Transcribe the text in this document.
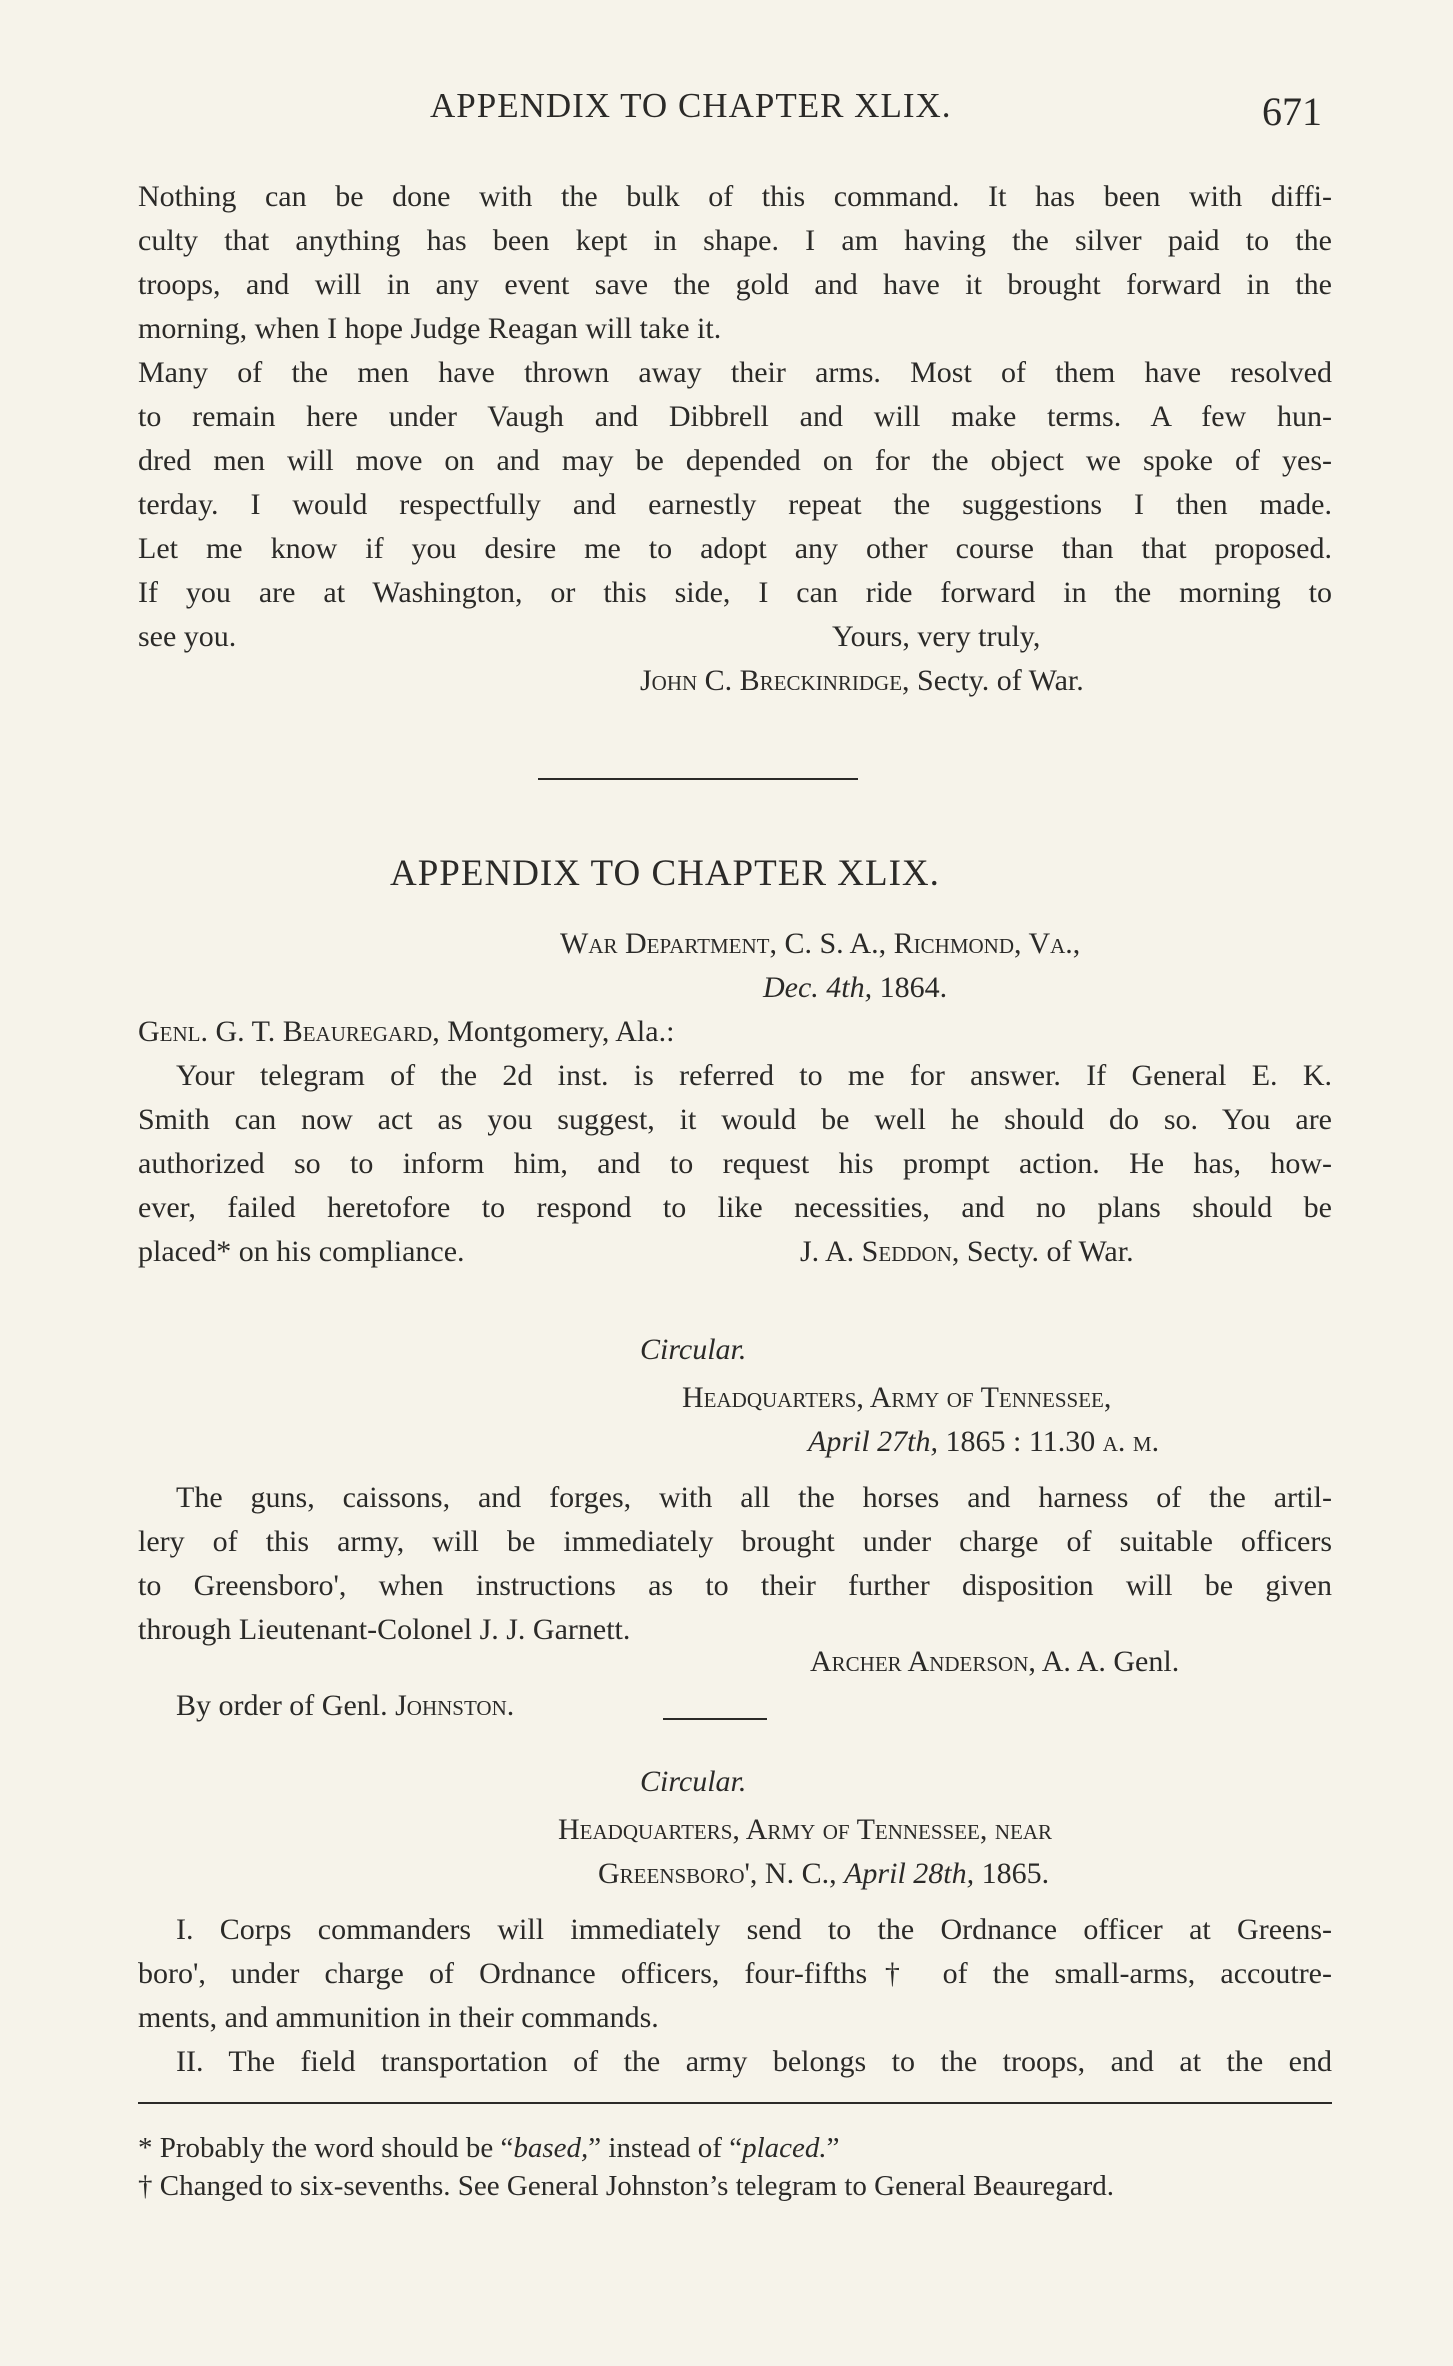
APPENDIX TO CHAPTER XLIX.	671
Nothing can be done with the bulk of this command. It has been with diffi-
culty that anything has been kept in shape. I am having the silver paid to the
troops, and will in any event save the gold and have it brought forward in the
morning, when I hope Judge Reagan will take it.
Many of the men have thrown away their arms. Most of them have resolved
to remain here under Vaugh and Dibbrell and will make terms. A few hun-
dred men will move on and may be depended on for the object we spoke of yes-
terday. I would respectfully and earnestly repeat the suggestions I then made.
Let me know if you desire me to adopt any other course than that proposed.
If you are at Washington, or this side, I can ride forward in the morning to
see you.	Yours, very truly,
John C. Breckinridge, Secty. of War.
APPENDIX TO CHAPTER XLIX.
War Department, C. S. A., Richmond, Va.,
Dec. 4th, 1864.
Genl. G. T. Beauregard, Montgomery, Ala.:
Your telegram of the 2d inst. is referred to me for answer. If General E. K.
Smith can now act as you suggest, it would be well he should do so. You are
authorized so to inform him, and to request his prompt action. He has, how-
ever, failed heretofore to respond to like necessities, and no plans should be
placed* on his compliance.	J. A. Seddon, Secty. of War.
Circular.
Headquarters, Army of Tennessee,
April 27th, 1865 : 11.30 a. m.
The guns, caissons, and forges, with all the horses and harness of the artil-
lery of this army, will be immediately brought under charge of suitable officers
to Greensboro', when instructions as to their further disposition will be given
through Lieutenant-Colonel J. J. Garnett.
Archer Anderson, A. A. Genl.
By order of Genl. Johnston.
Circular.
Headquarters, Army of Tennessee, near
Greensboro', N. C., April 28th, 1865.
I. Corps commanders will immediately send to the Ordnance officer at Greens-
boro', under charge of Ordnance officers, four-fifths† of the small-arms, accoutre-
ments, and ammunition in their commands.
II. The field transportation of the army belongs to the troops, and at the end
* Probably the word should be “based,” instead of “placed.”
† Changed to six-sevenths. See General Johnston’s telegram to General Beauregard.
